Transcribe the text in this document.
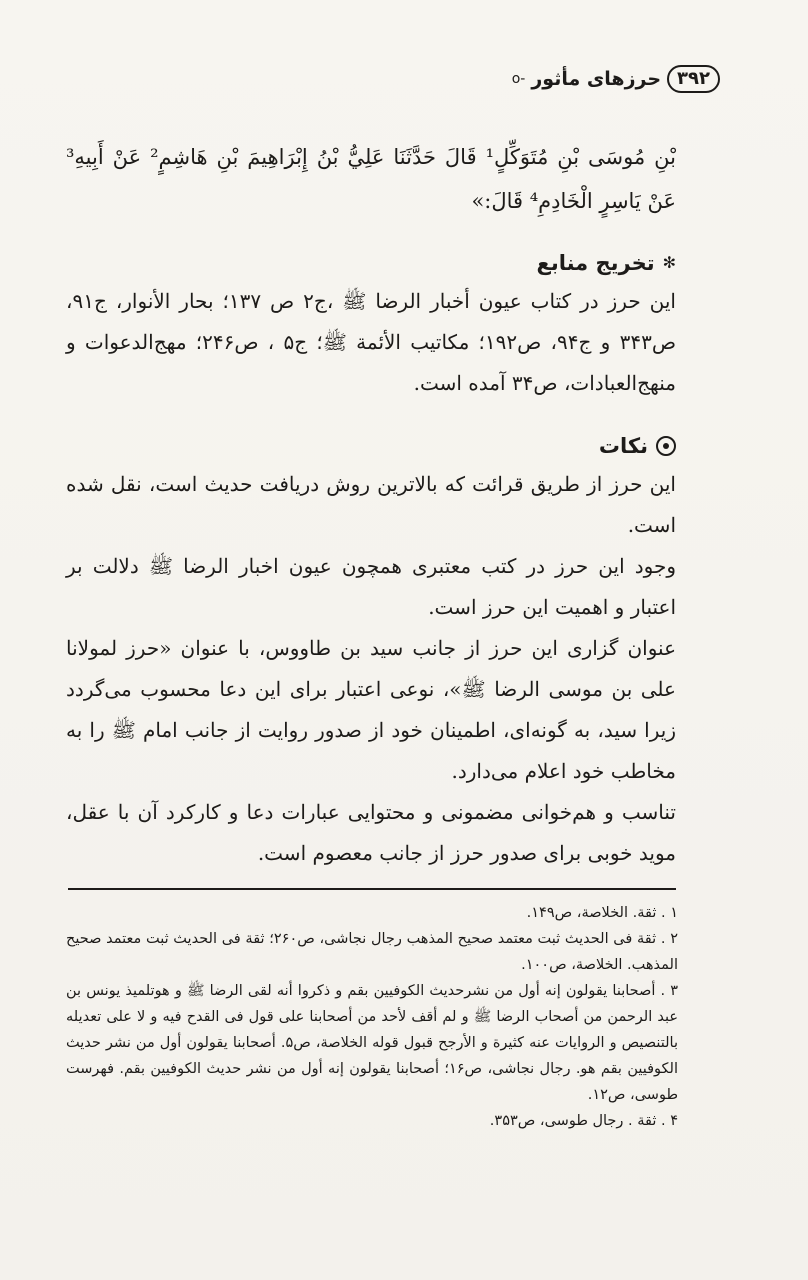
۳۹۲
حرزهای مأثور
-o

بْنِ مُوسَى بْنِ مُتَوَكِّلٍ¹ قَالَ حَدَّثَنَا عَلِيُّ بْنُ إِبْرَاهِيمَ بْنِ هَاشِمٍ² عَنْ أَبِيهِ³ عَنْ يَاسِرٍ الْخَادِمِ⁴ قَالَ:»

✻
تخریج منابع

این حرز در کتاب عیون أخبار الرضا ﷺ ،ج۲ ص ۱۳۷؛ بحار الأنوار، ج۹۱، ص۳۴۳ و ج۹۴، ص۱۹۲؛ مکاتیب الأئمة ﷺ؛ ج۵ ، ص۲۴۶؛ مهج‌الدعوات و منهج‌العبادات، ص۳۴ آمده است.

نکات

این حرز از طریق قرائت که بالاترین روش دریافت حدیث است، نقل شده است.

وجود این حرز در کتب معتبری همچون عیون اخبار الرضا ﷺ دلالت بر اعتبار و اهمیت این حرز است.

عنوان گزاری این حرز از جانب سید بن طاووس، با عنوان «حرز لمولانا علی بن موسی الرضا ﷺ»، نوعی اعتبار برای این دعا محسوب می‌گردد زیرا سید، به گونه‌ای، اطمینان خود از صدور روایت از جانب امام ﷺ را به مخاطب خود اعلام می‌دارد.

تناسب و هم‌خوانی مضمونی و محتوایی عبارات دعا و کارکرد آن با عقل، موید خوبی برای صدور حرز از جانب معصوم است.

۱ . ثقة. الخلاصة، ص۱۴۹.

۲ . ثقة فی الحدیث ثبت معتمد صحیح المذهب رجال نجاشی، ص۲۶۰؛ ثقة فی الحدیث ثبت معتمد صحیح المذهب. الخلاصة، ص۱۰۰.

۳ . أصحابنا یقولون إنه أول من نشرحدیث الکوفیین بقم و ذکروا أنه لقی الرضا ﷺ و هوتلمیذ یونس بن عبد الرحمن من أصحاب الرضا ﷺ و لم أقف لأحد من أصحابنا علی قول فی القدح فیه و لا علی تعدیله بالتنصیص و الروایات عنه کثیرة و الأرجح قبول قوله الخلاصة، ص۵. أصحابنا یقولون أول من نشر حدیث الکوفیین بقم هو. رجال نجاشی، ص۱۶؛ أصحابنا یقولون إنه أول من نشر حدیث الکوفیین بقم. فهرست طوسی، ص۱۲.

۴ . ثقة . رجال طوسی، ص۳۵۳.
